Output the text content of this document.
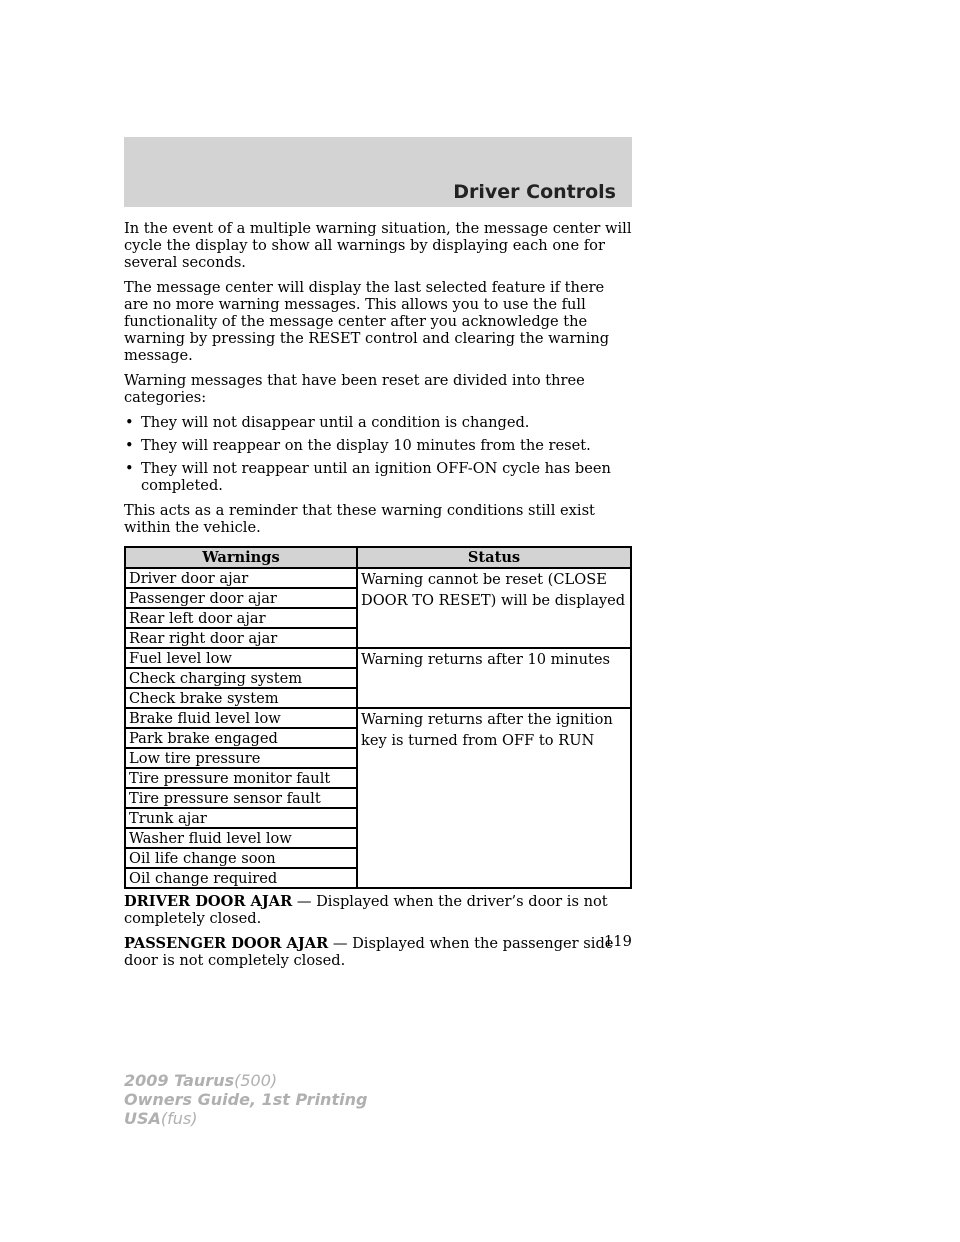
Driver Controls

In the event of a multiple warning situation, the message center will cycle the display to show all warnings by displaying each one for several seconds.

The message center will display the last selected feature if there are no more warning messages. This allows you to use the full functionality of the message center after you acknowledge the warning by pressing the RESET control and clearing the warning message.

Warning messages that have been reset are divided into three categories:

• They will not disappear until a condition is changed.
• They will reappear on the display 10 minutes from the reset.
• They will not reappear until an ignition OFF-ON cycle has been completed.

This acts as a reminder that these warning conditions still exist within the vehicle.

Warnings	Status
Driver door ajar	Warning cannot be reset (CLOSE DOOR TO RESET) will be displayed
Passenger door ajar	
Rear left door ajar	
Rear right door ajar	
Fuel level low	Warning returns after 10 minutes
Check charging system	
Check brake system	
Brake fluid level low	Warning returns after the ignition key is turned from OFF to RUN
Park brake engaged	
Low tire pressure	
Tire pressure monitor fault	
Tire pressure sensor fault	
Trunk ajar	
Washer fluid level low	
Oil life change soon	
Oil change required	

DRIVER DOOR AJAR — Displayed when the driver’s door is not completely closed.

PASSENGER DOOR AJAR — Displayed when the passenger side door is not completely closed.

119
2009 Taurus(500)
Owners Guide, 1st Printing
USA(fus)
